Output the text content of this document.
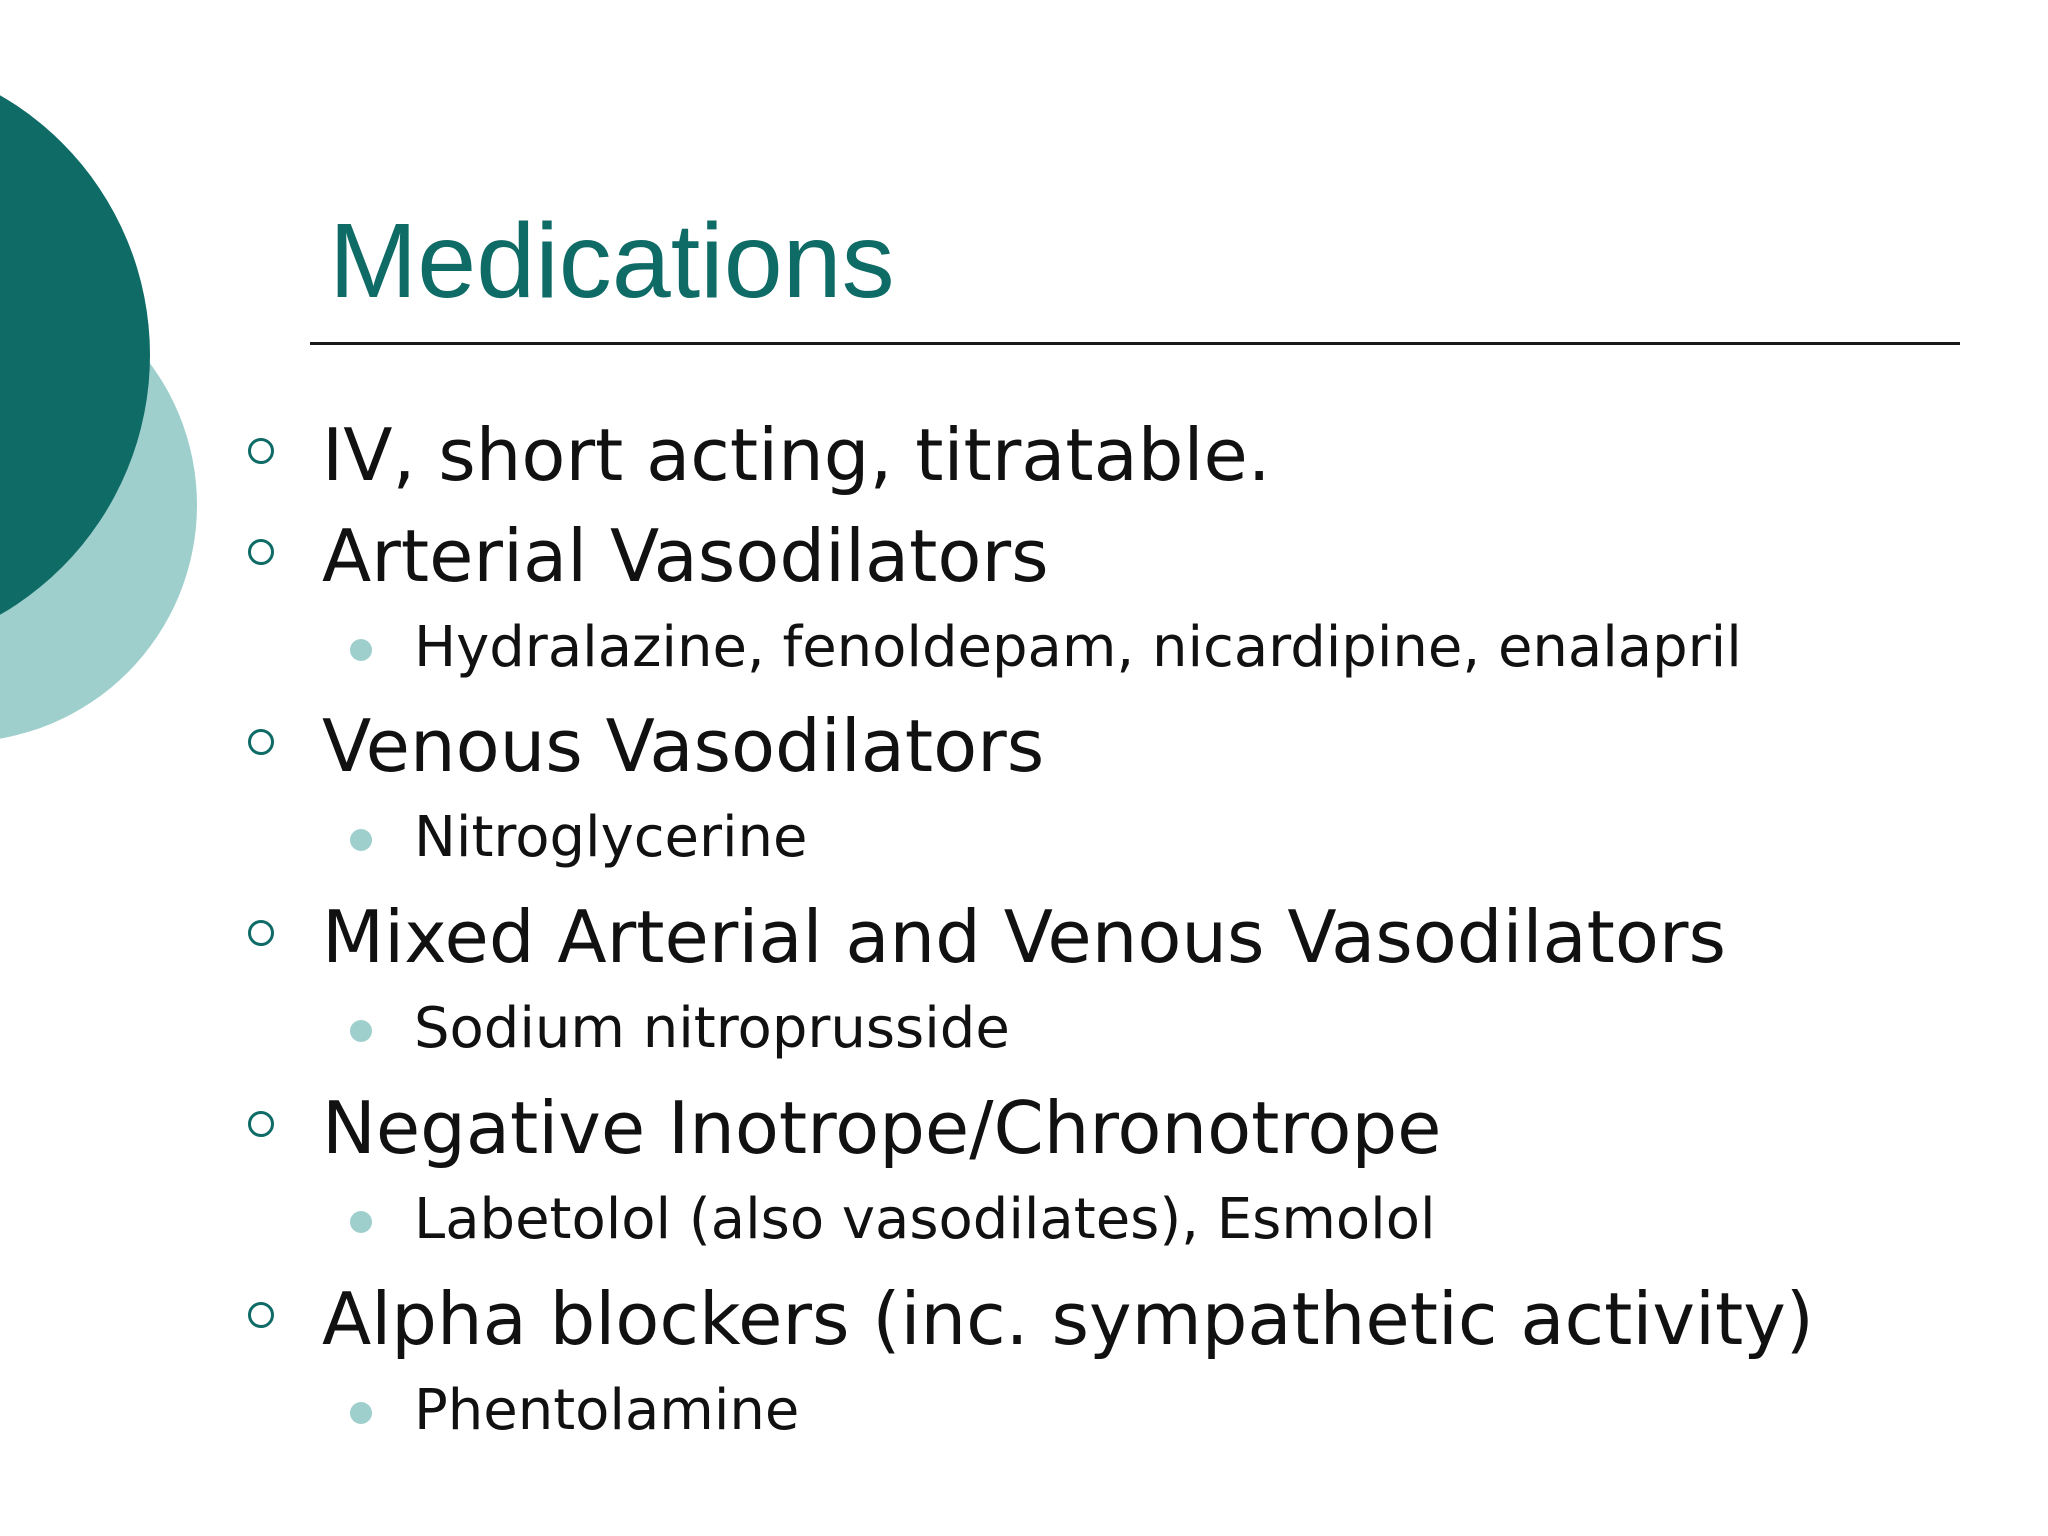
Medications
IV, short acting, titratable.
Arterial Vasodilators
Hydralazine, fenoldepam, nicardipine, enalapril
Venous Vasodilators
Nitroglycerine
Mixed Arterial and Venous Vasodilators
Sodium nitroprusside
Negative Inotrope/Chronotrope
Labetolol (also vasodilates), Esmolol
Alpha blockers (inc. sympathetic activity)
Phentolamine
